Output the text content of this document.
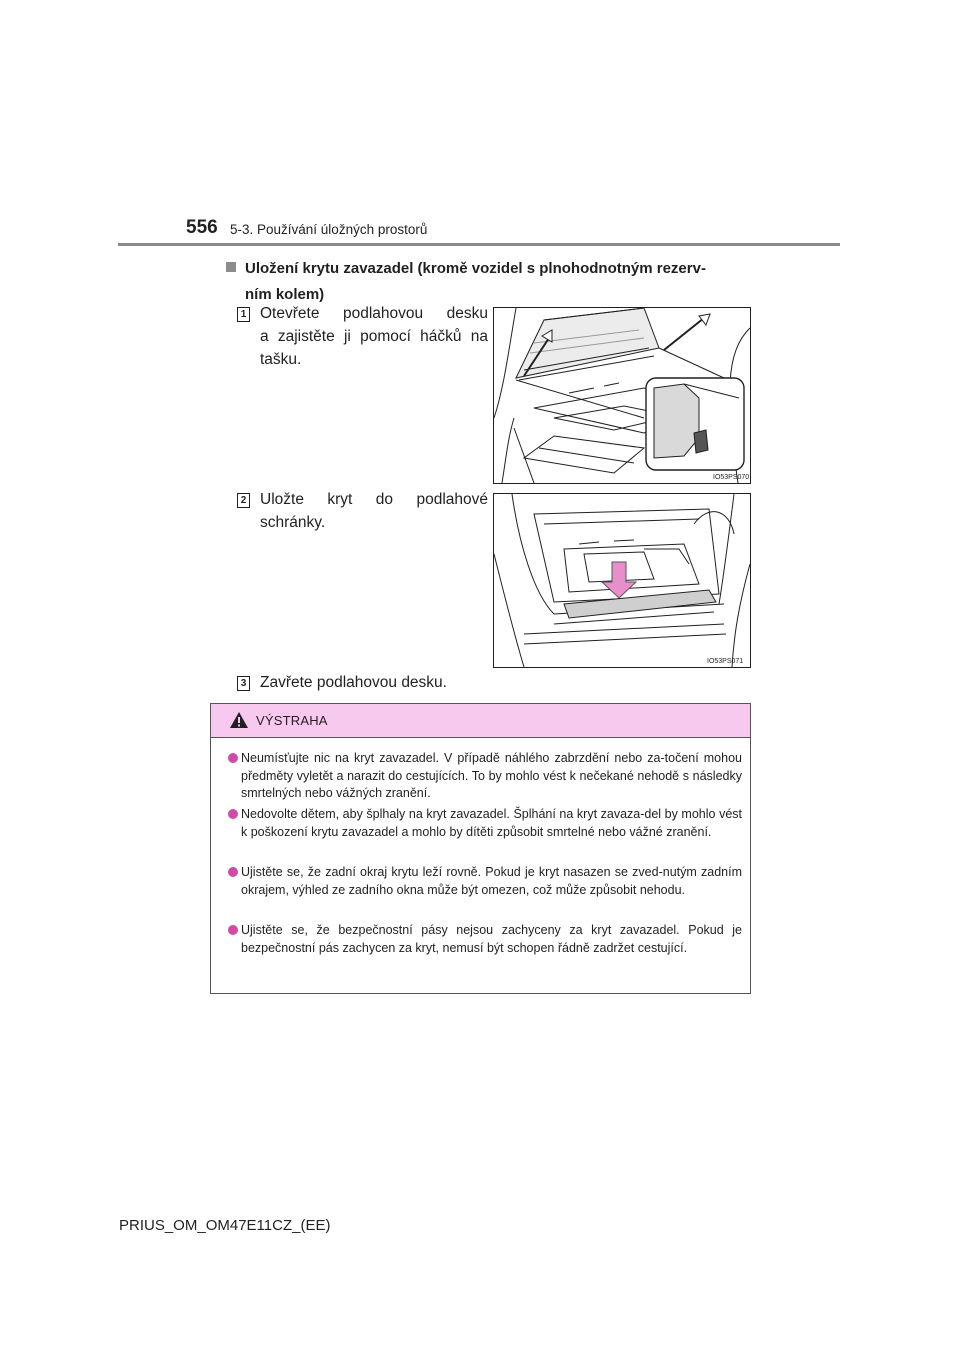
556 5-3. Používání úložných prostorů
Uložení krytu zavazadel (kromě vozidel s plnohodnotným rezerv-
ním kolem)
1 Otevřete podlahovou desku
a zajistěte ji pomocí háčků na
tašku.
IO53PS070
2 Uložte kryt do podlahové
schránky.
IO53PS071
3 Zavřete podlahovou desku.
VÝSTRAHA
Neumísťujte nic na kryt zavazadel. V případě náhlého zabrzdění nebo za-točení mohou předměty vyletět a narazit do cestujících. To by mohlo vést k nečekané nehodě s následky smrtelných nebo vážných zranění.
Nedovolte dětem, aby šplhaly na kryt zavazadel. Šplhání na kryt zavaza-del by mohlo vést k poškození krytu zavazadel a mohlo by dítěti způsobit smrtelné nebo vážné zranění.
Ujistěte se, že zadní okraj krytu leží rovně. Pokud je kryt nasazen se zved-nutým zadním okrajem, výhled ze zadního okna může být omezen, což může způsobit nehodu.
Ujistěte se, že bezpečnostní pásy nejsou zachyceny za kryt zavazadel. Pokud je bezpečnostní pás zachycen za kryt, nemusí být schopen řádně zadržet cestující.
PRIUS_OM_OM47E11CZ_(EE)
